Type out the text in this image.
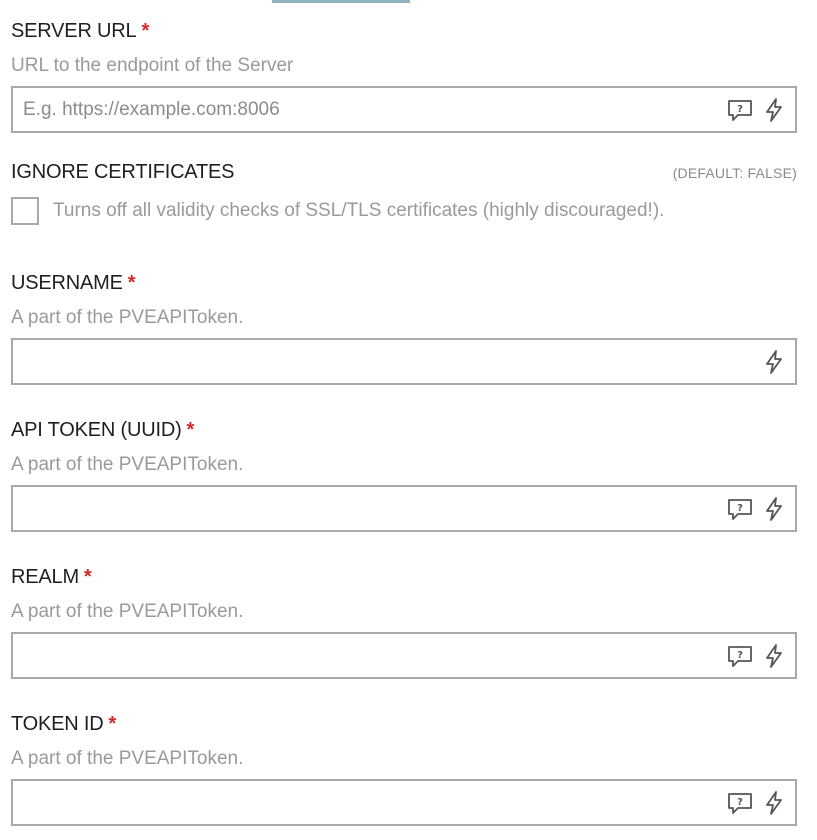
SERVER URL *
URL to the endpoint of the Server
E.g. https://example.com:8006
?
IGNORE CERTIFICATES	(DEFAULT: FALSE)
Turns off all validity checks of SSL/TLS certificates (highly discouraged!).
USERNAME *
A part of the PVEAPIToken.
API TOKEN (UUID) *
A part of the PVEAPIToken.
?
REALM *
A part of the PVEAPIToken.
?
TOKEN ID *
A part of the PVEAPIToken.
?
